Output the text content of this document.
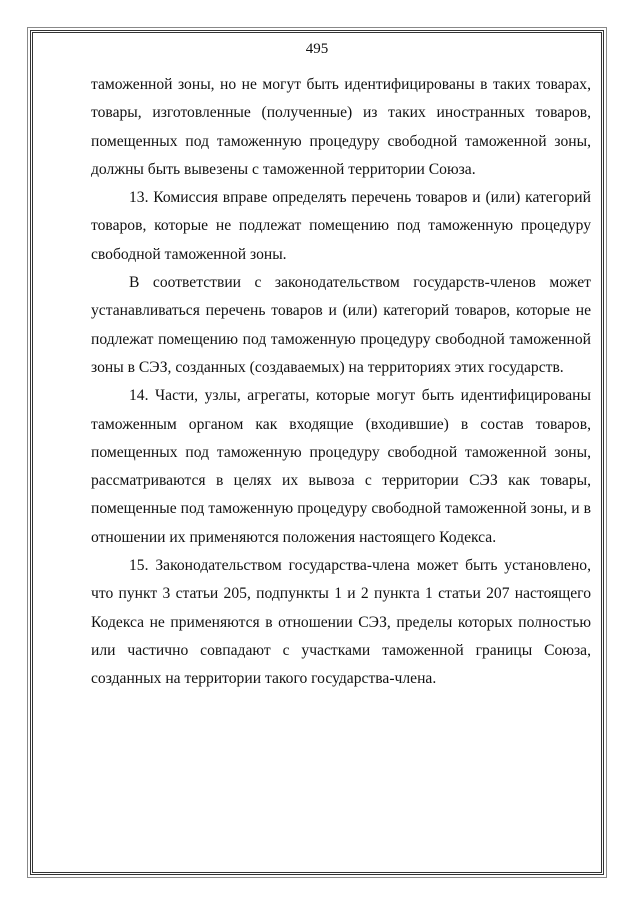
495

таможенной зоны, но не могут быть идентифицированы в таких товарах, товары, изготовленные (полученные) из таких иностранных товаров, помещенных под таможенную процедуру свободной таможенной зоны, должны быть вывезены с таможенной территории Союза.

13. Комиссия вправе определять перечень товаров и (или) категорий товаров, которые не подлежат помещению под таможенную процедуру свободной таможенной зоны.

В соответствии с законодательством государств-членов может устанавливаться перечень товаров и (или) категорий товаров, которые не подлежат помещению под таможенную процедуру свободной таможенной зоны в СЭЗ, созданных (создаваемых) на территориях этих государств.

14. Части, узлы, агрегаты, которые могут быть идентифицированы таможенным органом как входящие (входившие) в состав товаров, помещенных под таможенную процедуру свободной таможенной зоны, рассматриваются в целях их вывоза с территории СЭЗ как товары, помещенные под таможенную процедуру свободной таможенной зоны, и в отношении их применяются положения настоящего Кодекса.

15. Законодательством государства-члена может быть установлено, что пункт 3 статьи 205, подпункты 1 и 2 пункта 1 статьи 207 настоящего Кодекса не применяются в отношении СЭЗ, пределы которых полностью или частично совпадают с участками таможенной границы Союза, созданных на территории такого государства-члена.
